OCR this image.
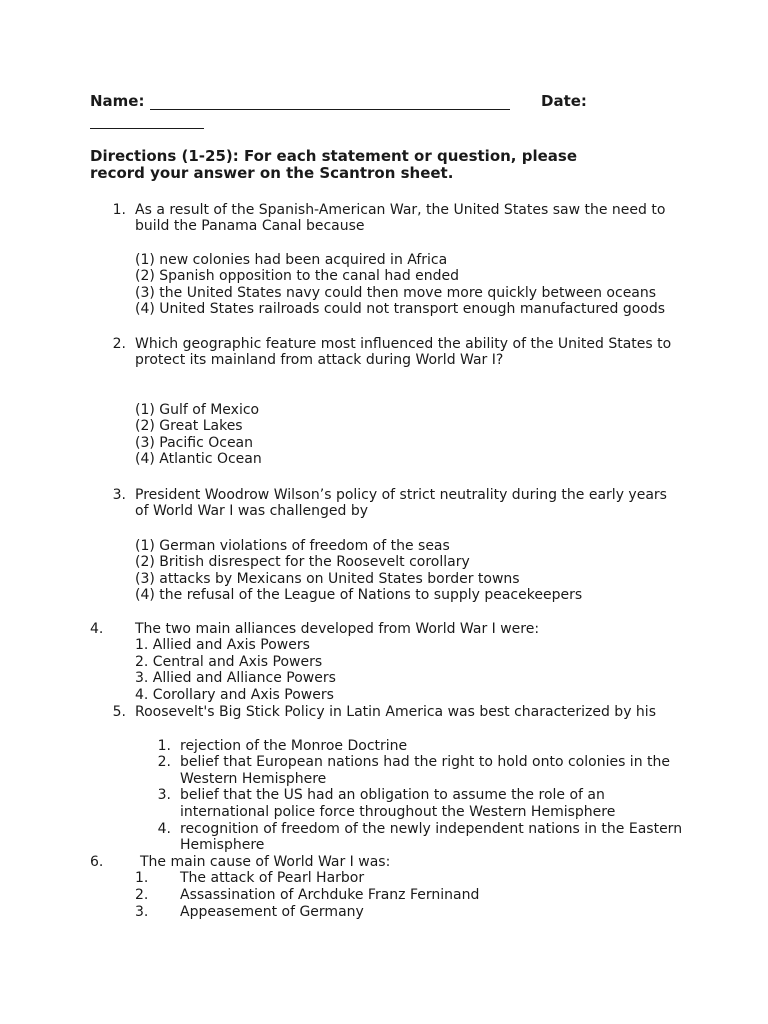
Name:	Date:
Directions (1-25): For each statement or question, please
record your answer on the Scantron sheet.
1. As a result of the Spanish-American War, the United States saw the need to
build the Panama Canal because
(1) new colonies had been acquired in Africa
(2) Spanish opposition to the canal had ended
(3) the United States navy could then move more quickly between oceans
(4) United States railroads could not transport enough manufactured goods
2. Which geographic feature most influenced the ability of the United States to
protect its mainland from attack during World War I?
(1) Gulf of Mexico
(2) Great Lakes
(3) Pacific Ocean
(4) Atlantic Ocean
3. President Woodrow Wilson’s policy of strict neutrality during the early years
of World War I was challenged by
(1) German violations of freedom of the seas
(2) British disrespect for the Roosevelt corollary
(3) attacks by Mexicans on United States border towns
(4) the refusal of the League of Nations to supply peacekeepers
4. The two main alliances developed from World War I were:
1. Allied and Axis Powers
2. Central and Axis Powers
3. Allied and Alliance Powers
4. Corollary and Axis Powers
5. Roosevelt's Big Stick Policy in Latin America was best characterized by his
1. rejection of the Monroe Doctrine
2. belief that European nations had the right to hold onto colonies in the
Western Hemisphere
3. belief that the US had an obligation to assume the role of an
international police force throughout the Western Hemisphere
4. recognition of freedom of the newly independent nations in the Eastern
Hemisphere
6.	The main cause of World War I was:
1. The attack of Pearl Harbor
2. Assassination of Archduke Franz Ferninand
3. Appeasement of Germany
